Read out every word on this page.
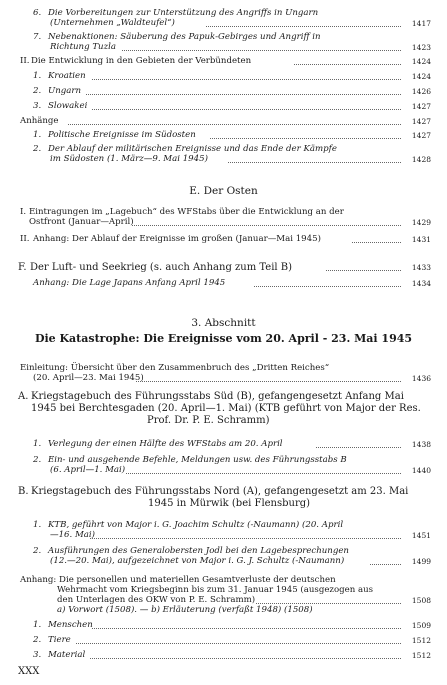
6. Die Vorbereitungen zur Unterstützung des Angriffs in Ungarn
(Unternehmen „Waldteufel“)	1417
7. Nebenaktionen: Säuberung des Papuk-Gebirges und Angriff in
Richtung Tuzla	1423
II. Die Entwicklung in den Gebieten der Verbündeten	1424
1. Kroatien	1424
2. Ungarn	1426
3. Slowakei	1427
Anhänge	1427
1. Politische Ereignisse im Südosten	1427
2. Der Ablauf der militärischen Ereignisse und das Ende der Kämpfe
im Südosten (1. März—9. Mai 1945)	1428
E. Der Osten
I. Eintragungen im „Lagebuch“ des WFStabs über die Entwicklung an der
Ostfront (Januar—April)	1429
II. Anhang: Der Ablauf der Ereignisse im großen (Januar—Mai 1945)	1431
F. Der Luft- und Seekrieg (s. auch Anhang zum Teil B)	1433
Anhang: Die Lage Japans Anfang April 1945	1434
3. Abschnitt
Die Katastrophe: Die Ereignisse vom 20. April - 23. Mai 1945
Einleitung: Übersicht über den Zusammenbruch des „Dritten Reiches“
(20. April—23. Mai 1945)	1436
A. Kriegstagebuch des Führungsstabs Süd (B), gefangengesetzt Anfang Mai
1945 bei Berchtesgaden (20. April—1. Mai) (KTB geführt von Major der Res.
Prof. Dr. P. E. Schramm)
1. Verlegung der einen Hälfte des WFStabs am 20. April	1438
2. Ein- und ausgehende Befehle, Meldungen usw. des Führungsstabs B
(6. April—1. Mai)	1440
B. Kriegstagebuch des Führungsstabs Nord (A), gefangengesetzt am 23. Mai
1945 in Mürwik (bei Flensburg)
1. KTB, geführt von Major i. G. Joachim Schultz (-Naumann) (20. April
—16. Mai)	1451
2. Ausführungen des Generalobersten Jodl bei den Lagebesprechungen
(12.—20. Mai), aufgezeichnet von Major i. G. J. Schultz (-Naumann)	1499
Anhang: Die personellen und materiellen Gesamtverluste der deutschen
Wehrmacht vom Kriegsbeginn bis zum 31. Januar 1945 (ausgezogen aus
den Unterlagen des OKW von P. E. Schramm)
a) Vorwort (1508). — b) Erläuterung (verfaßt 1948) (1508)
1508
1. Menschen	1509
2. Tiere	1512
3. Material	1512
XXX
